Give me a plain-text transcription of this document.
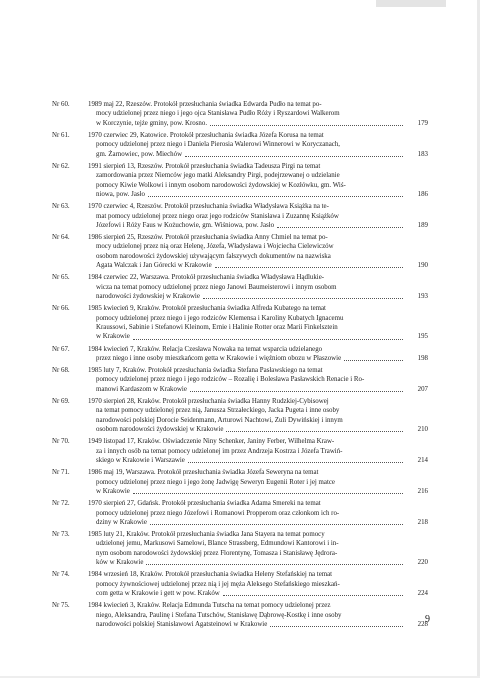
Nr 60.	1989 maj 22, Rzeszów. Protokół przesłuchania świadka Edwarda Pudło na temat po-
mocy udzielonej przez niego i jego ojca Stanisława Pudło Róży i Ryszardowi Walkerom
w Korczynie, tejże gminy, pow. Krosno.	179
Nr 61.	1970 czerwiec 29, Katowice. Protokół przesłuchania świadka Józefa Korusa na temat
pomocy udzielonej przez niego i Daniela Pierosia Walerowi Winnerowi w Koryczanach,
gm. Żarnowiec, pow. Miechów	183
Nr 62.	1991 sierpień 13, Rzeszów. Protokół przesłuchania świadka Tadeusza Pirgi na temat
zamordowania przez Niemców jego matki Aleksandry Pirgi, podejrzewanej o udzielanie
pomocy Kiwie Wolkowi i innym osobom narodowości żydowskiej w Kozłówku, gm. Wiś-
niowa, pow. Jasło	186
Nr 63.	1970 czerwiec 4, Rzeszów. Protokół przesłuchania świadka Władysława Książka na te-
mat pomocy udzielonej przez niego oraz jego rodziców Stanisława i Zuzannę Książków
Józefowi i Róży Faus w Kożuchowie, gm. Wiśniowa, pow. Jasło	189
Nr 64.	1986 sierpień 25, Rzeszów. Protokół przesłuchania świadka Anny Chmiel na temat po-
mocy udzielonej przez nią oraz Helenę, Józefa, Władysława i Wojciecha Cielewiczów
osobom narodowości żydowskiej używającym fałszywych dokumentów na nazwiska
Agata Walczak i Jan Górecki w Krakowie	190
Nr 65.	1984 czerwiec 22, Warszawa. Protokół przesłuchania świadka Władysława Hądlukie-
wicza na temat pomocy udzielonej przez niego Janowi Baumeisterowi i innym osobom
narodowości żydowskiej w Krakowie	193
Nr 66.	1985 kwiecień 9, Kraków. Protokół przesłuchania świadka Alfreda Kubatego na temat
pomocy udzielonej przez niego i jego rodziców Klemensa i Karoliny Kubatych Ignacemu
Kraussowi, Sabinie i Stefanowi Kleinom, Ernie i Halinie Rotter oraz Marii Finkelsztein
w Krakowie	195
Nr 67.	1984 kwiecień 7, Kraków. Relacja Czesława Nowaka na temat wsparcia udzielanego
przez niego i inne osoby mieszkańcom getta w Krakowie i więźniom obozu w Płaszowie	198
Nr 68.	1985 luty 7, Kraków. Protokół przesłuchania świadka Stefana Pasławskiego na temat
pomocy udzielonej przez niego i jego rodziców – Rozalię i Bolesława Pasławskich Renacie i Ro-
manowi Kardaszom w Krakowie	207
Nr 69.	1970 sierpień 28, Kraków. Protokół przesłuchania świadka Hanny Rudzkiej-Cybisowej
na temat pomocy udzielonej przez nią, Janusza Strzałeckiego, Jacka Pugeta i inne osoby
narodowości polskiej Dorocie Seidenmann, Arturowi Nachtowi, Zuli Dywińskiej i innym
osobom narodowości żydowskiej w Krakowie	210
Nr 70.	1949 listopad 17, Kraków. Oświadczenie Niny Schenker, Janiny Ferber, Wilhelma Kraw-
za i innych osób na temat pomocy udzielonej im przez Andrzeja Kostrza i Józefa Trawiń-
skiego w Krakowie i Warszawie	214
Nr 71.	1986 maj 19, Warszawa. Protokół przesłuchania świadka Józefa Seweryna na temat
pomocy udzielonej przez niego i jego żonę Jadwigę Seweryn Eugenii Roter i jej matce
w Krakowie	216
Nr 72.	1970 sierpień 27, Gdańsk. Protokół przesłuchania świadka Adama Smereki na temat
pomocy udzielonej przez niego Józefowi i Romanowi Propperom oraz członkom ich ro-
dziny w Krakowie	218
Nr 73.	1985 luty 21, Kraków. Protokół przesłuchania świadka Jana Stayera na temat pomocy
udzielonej jemu, Markusowi Samelowi, Blance Strassberg, Edmundowi Kantorowi i in-
nym osobom narodowości żydowskiej przez Florentynę, Tomasza i Stanisławę Jędrora-
ków w Krakowie	220
Nr 74.	1984 wrzesień 18, Kraków. Protokół przesłuchania świadka Heleny Stefańskiej na temat
pomocy żywnościowej udzielonej przez nią i jej męża Aleksego Stefańskiego mieszkań-
com getta w Krakowie i gett w pow. Kraków	224
Nr 75.	1984 kwiecień 3, Kraków. Relacja Edmunda Tutscha na temat pomocy udzielonej przez
niego, Aleksandra, Paulinę i Stefana Tutschów, Stanisławę Dąbrowę-Kostkę i inne osoby
narodowości polskiej Stanisławowi Agatsteinowi w Krakowie	228
9
